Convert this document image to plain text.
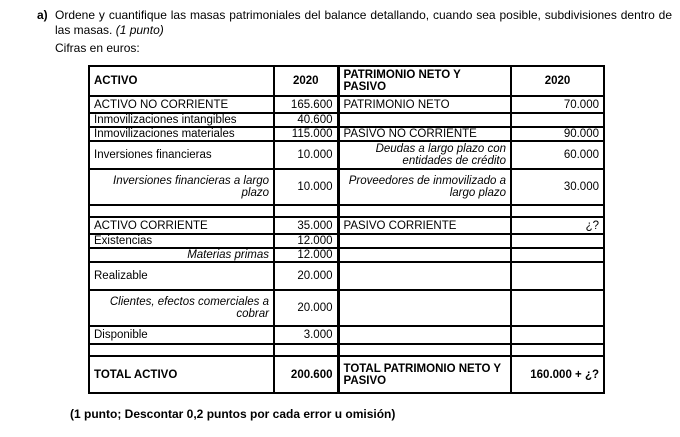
a) Ordene y cuantifique las masas patrimoniales del balance detallando, cuando sea posible, subdivisiones dentro de las masas. (1 punto)

Cifras en euros:
ACTIVO	2020	PATRIMONIO NETO Y PASIVO	2020
ACTIVO NO CORRIENTE	165.600	PATRIMONIO NETO	70.000
Inmovilizaciones intangibles	40.600		
Inmovilizaciones materiales	115.000	PASIVO NO CORRIENTE	90.000
Inversiones financieras	10.000	Deudas a largo plazo con entidades de crédito	60.000
Inversiones financieras a largo plazo	10.000	Proveedores de inmovilizado a largo plazo	30.000

ACTIVO CORRIENTE	35.000	PASIVO CORRIENTE	¿?
Existencias	12.000		
Materias primas	12.000		
Realizable	20.000		
Clientes, efectos comerciales a cobrar	20.000		
Disponible	3.000		

TOTAL ACTIVO	200.600	TOTAL PATRIMONIO NETO Y PASIVO	160.000 + ¿?
(1 punto; Descontar 0,2 puntos por cada error u omisión)
